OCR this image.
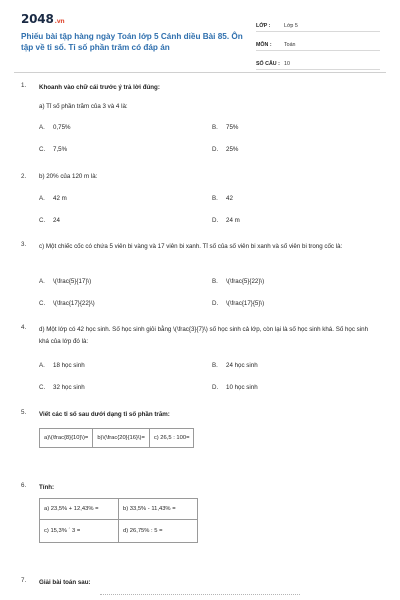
2048.vn
Phiếu bài tập hàng ngày Toán lớp 5 Cánh diều Bài 85. Ôn tập về tỉ số. Tỉ số phần trăm có đáp án
LỚP :	Lớp 5
MÔN :	Toán
SỐ CÂU : 10
1. Khoanh vào chữ cái trước ý trả lời đúng:
a) Tỉ số phần trăm của 3 và 4 là:
A. 0,75%	B. 75%
C. 7,5%	D. 25%
2. b) 20% của 120 m là:
A. 42 m	B. 42
C. 24	D. 24 m
3. c) Một chiếc cốc có chứa 5 viên bi vàng và 17 viên bi xanh. Tỉ số của số viên bi xanh và số viên bi trong cốc là:
A. \(\frac{5}{17}\)	B. \(\frac{5}{22}\)
C. \(\frac{17}{22}\)	D. \(\frac{17}{5}\)
4. d) Một lớp có 42 học sinh. Số học sinh giỏi bằng \(\frac{3}{7}\) số học sinh cả lớp, còn lại là số học sinh khá. Số học sinh khá của lớp đó là:
A. 18 học sinh	B. 24 học sinh
C. 32 học sinh	D. 10 học sinh
5. Viết các tỉ số sau dưới dạng tỉ số phần trăm:
a)\(\frac{8}{10}\)=	b)\(\frac{20}{16}\)=	c) 26,5 : 100=
6. Tính:
a) 23,5% + 12,43% =	b) 33,5% - 11,43% =
c) 15,3% ´ 3 =	d) 26,75% : 5 =
7. Giải bài toán sau:
